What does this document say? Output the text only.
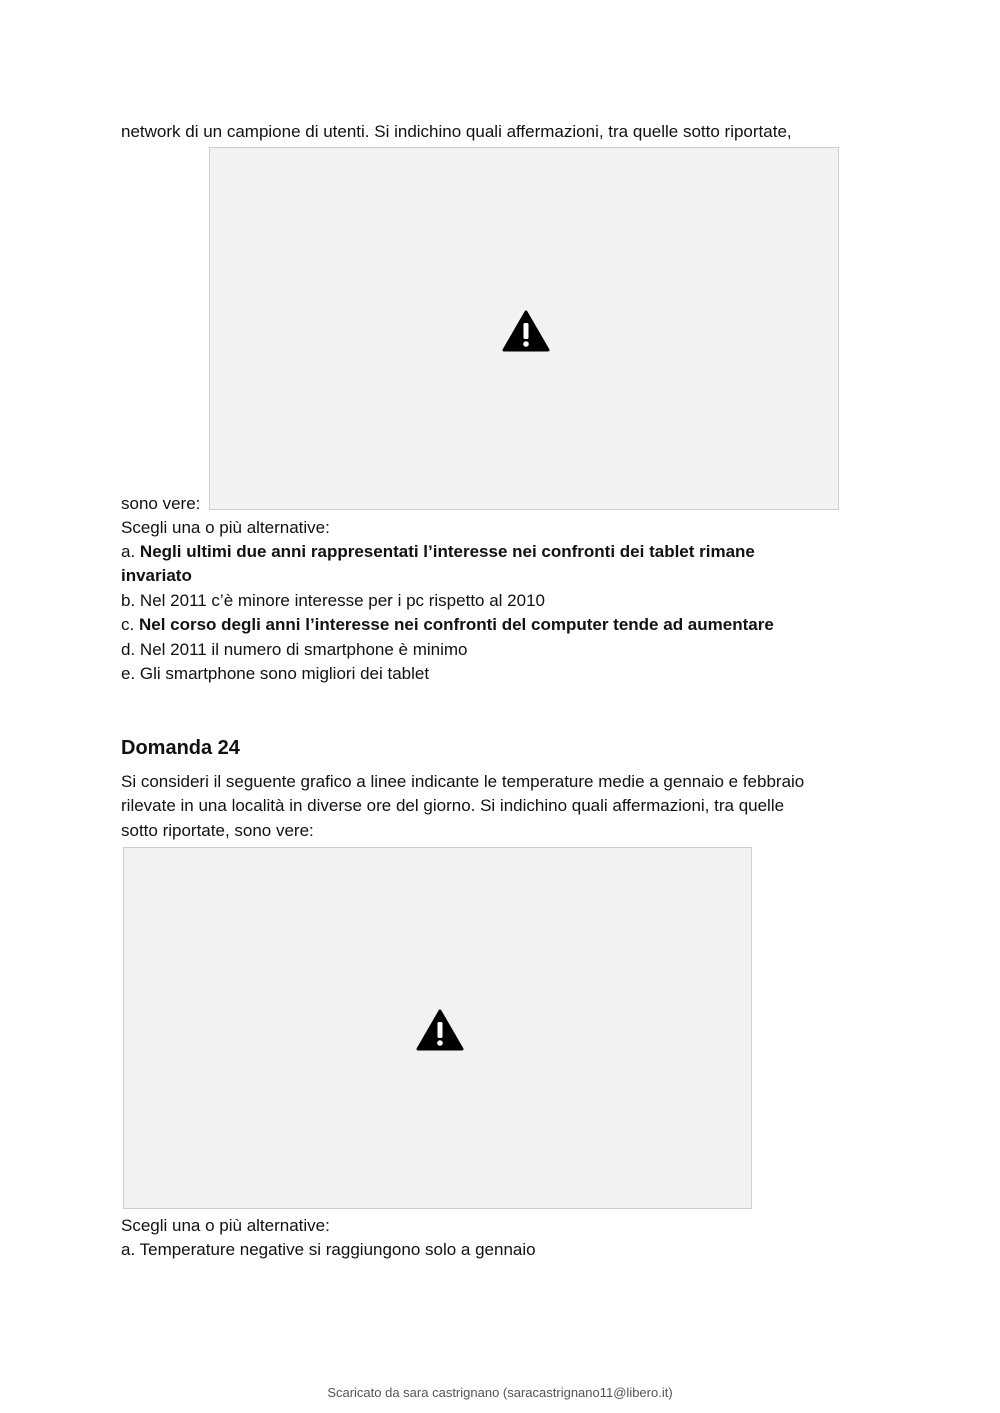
network di un campione di utenti. Si indichino quali affermazioni, tra quelle sotto riportate,

sono vere:

Scegli una o più alternative:

a. Negli ultimi due anni rappresentati l’interesse nei confronti dei tablet rimane

invariato

b. Nel 2011 c’è minore interesse per i pc rispetto al 2010

c. Nel corso degli anni l’interesse nei confronti del computer tende ad aumentare

d. Nel 2011 il numero di smartphone è minimo

e. Gli smartphone sono migliori dei tablet

Domanda 24

Si consideri il seguente grafico a linee indicante le temperature medie a gennaio e febbraio

rilevate in una località in diverse ore del giorno. Si indichino quali affermazioni, tra quelle

sotto riportate, sono vere:

Scegli una o più alternative:

a. Temperature negative si raggiungono solo a gennaio

Scaricato da sara castrignano (saracastrignano11@libero.it)
